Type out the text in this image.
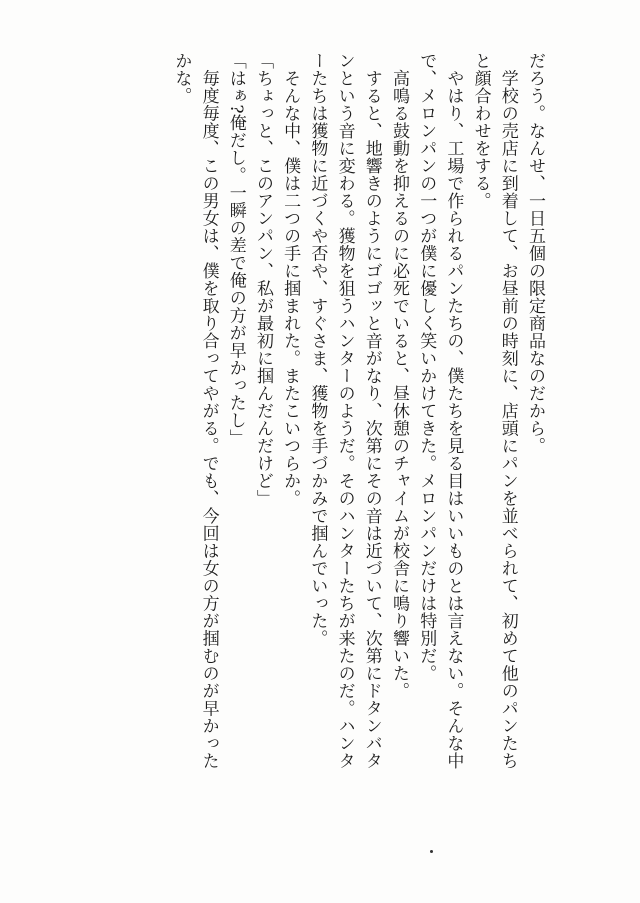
だろう。なんせ、一日五個の限定商品なのだから。

　学校の売店に到着して、お昼前の時刻に、店頭にパンを並べられて、初めて他のパンたち

と顔合わせをする。

　やはり、工場で作られるパンたちの、僕たちを見る目はいいものとは言えない。そんな中

で、メロンパンの一つが僕に優しく笑いかけてきた。メロンパンだけは特別だ。

　高鳴る鼓動を抑えるのに必死でいると、昼休憩のチャイムが校舎に鳴り響いた。

　すると、地響きのようにゴゴッと音がなり、次第にその音は近づいて、次第にドタンバタ

ンという音に変わる。獲物を狙うハンターのようだ。そのハンターたちが来たのだ。ハンタ

ーたちは獲物に近づくや否や、すぐさま、獲物を手づかみで掴んでいった。

　そんな中、僕は二つの手に掴まれた。またこいつらか。

「ちょっと、このアンパン、私が最初に掴んだんだけど」

「はぁ?俺だし。一瞬の差で俺の方が早かったし」

　毎度毎度、この男女は、僕を取り合ってやがる。でも、今回は女の方が掴むのが早かった

かな。
